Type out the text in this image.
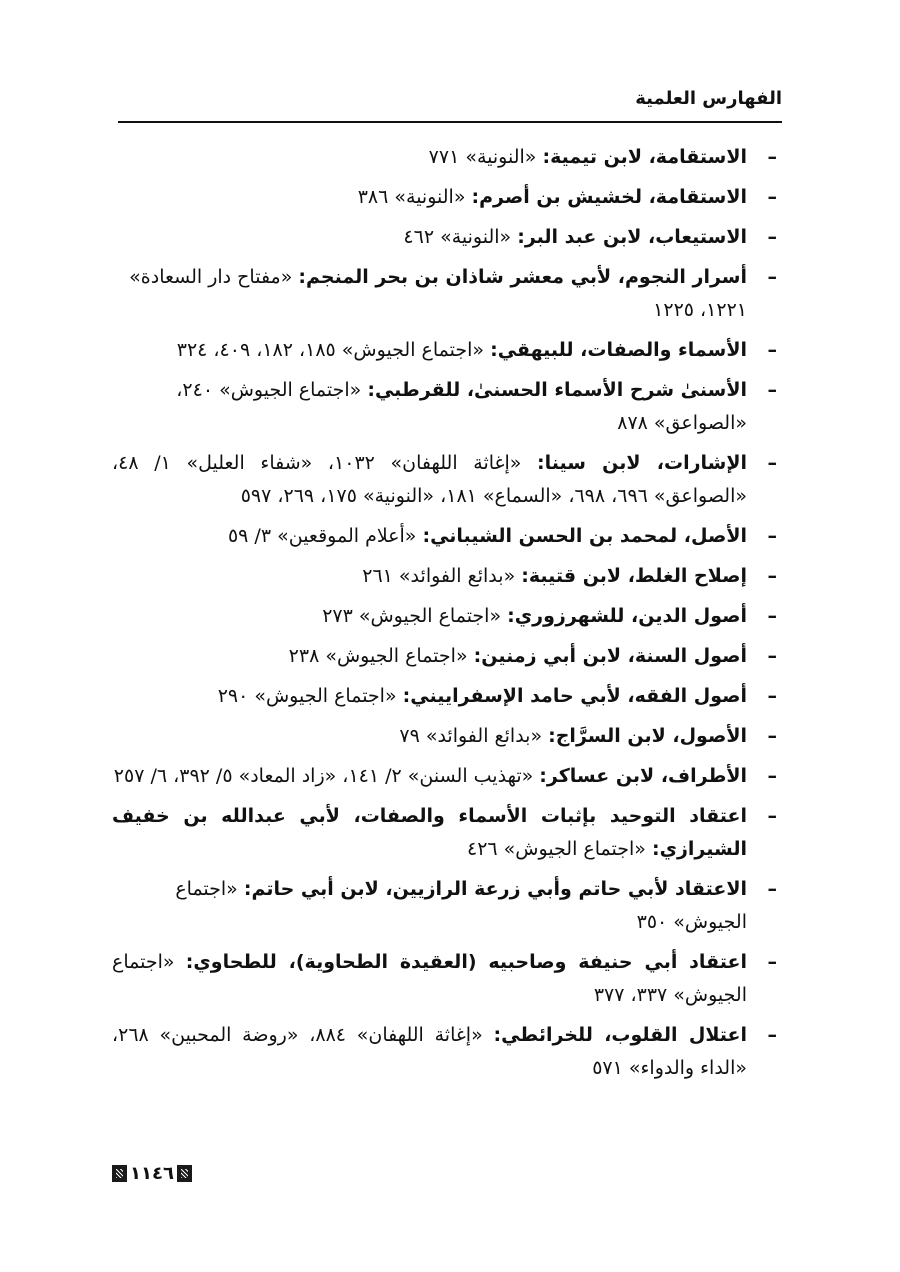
الفهارس العلمية
–
الاستقامة، لابن تيمية: «النونية» ٧٧١
–
الاستقامة، لخشيش بن أصرم: «النونية» ٣٨٦
–
الاستيعاب، لابن عبد البر: «النونية» ٤٦٢
–
أسرار النجوم، لأبي معشر شاذان بن بحر المنجم: «مفتاح دار السعادة» ١٢٢١، ١٢٢٥
–
الأسماء والصفات، للبيهقي: «اجتماع الجيوش» ١٨٥، ١٨٢، ٤٠٩، ٣٢٤
–
الأسنىٰ شرح الأسماء الحسنىٰ، للقرطبي: «اجتماع الجيوش» ٢٤٠، «الصواعق» ٨٧٨
–
الإشارات، لابن سينا: «إغاثة اللهفان» ١٠٣٢، «شفاء العليل» ١/ ٤٨، «الصواعق» ٦٩٦، ٦٩٨، «السماع» ١٨١، «النونية» ١٧٥، ٢٦٩، ٥٩٧
–
الأصل، لمحمد بن الحسن الشيباني: «أعلام الموقعين» ٣/ ٥٩
–
إصلاح الغلط، لابن قتيبة: «بدائع الفوائد» ٢٦١
–
أصول الدين، للشهرزوري: «اجتماع الجيوش» ٢٧٣
–
أصول السنة، لابن أبي زمنين: «اجتماع الجيوش» ٢٣٨
–
أصول الفقه، لأبي حامد الإسفراييني: «اجتماع الجيوش» ٢٩٠
–
الأصول، لابن السرَّاج: «بدائع الفوائد» ٧٩
–
الأطراف، لابن عساكر: «تهذيب السنن» ٢/ ١٤١، «زاد المعاد» ٥/ ٣٩٢، ٦/ ٢٥٧
–
اعتقاد التوحيد بإثبات الأسماء والصفات، لأبي عبدالله بن خفيف الشيرازي: «اجتماع الجيوش» ٤٢٦
–
الاعتقاد لأبي حاتم وأبي زرعة الرازيين، لابن أبي حاتم: «اجتماع الجيوش» ٣٥٠
–
اعتقاد أبي حنيفة وصاحبيه (العقيدة الطحاوية)، للطحاوي: «اجتماع الجيوش» ٣٣٧، ٣٧٧
–
اعتلال القلوب، للخرائطي: «إغاثة اللهفان» ٨٨٤، «روضة المحبين» ٢٦٨، «الداء والدواء» ٥٧١
١١٤٦
